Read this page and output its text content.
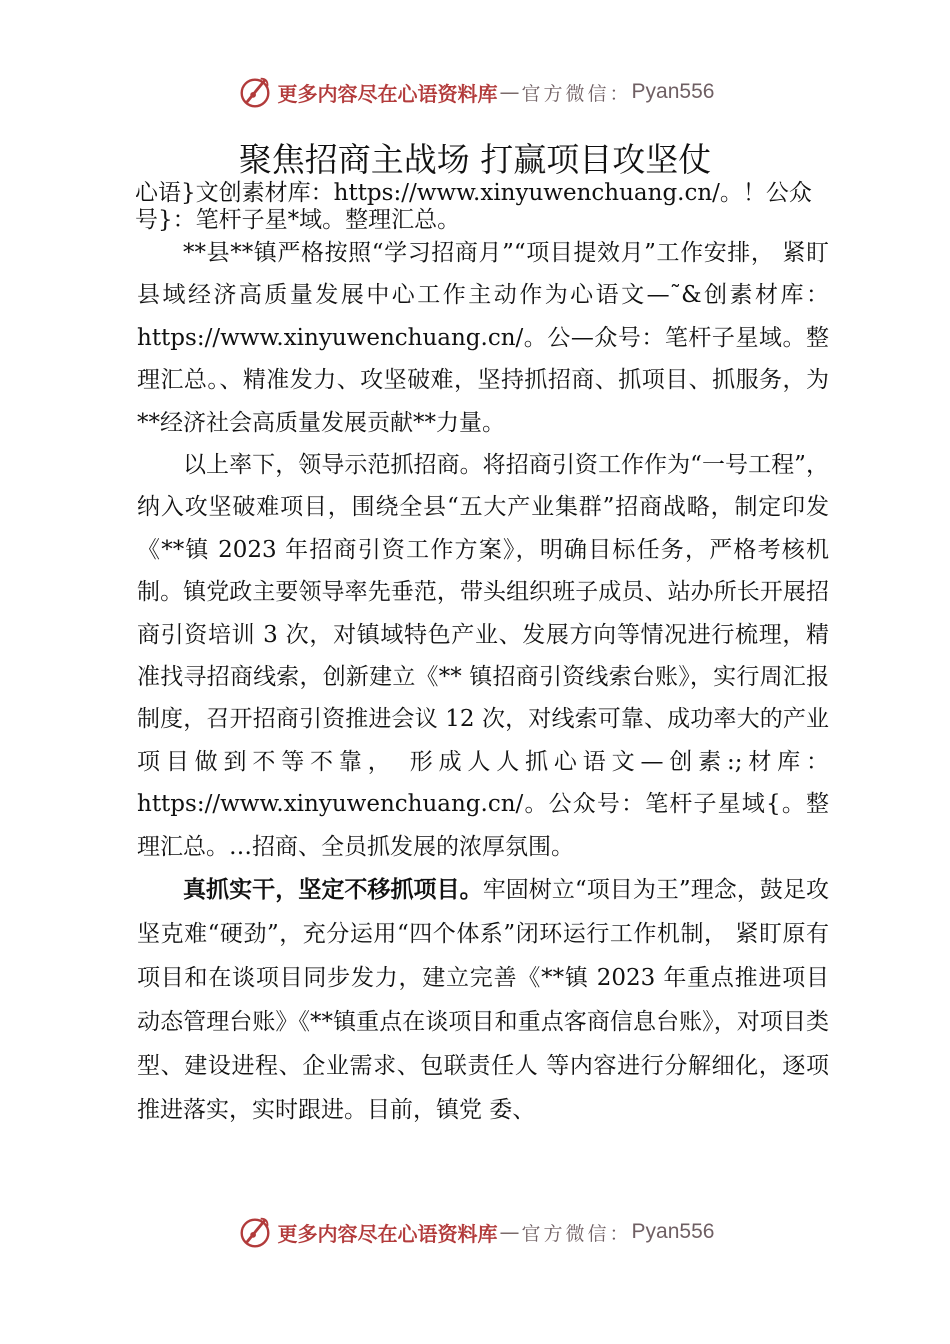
更多内容尽在心语资料库 — 官方微信： Pyan556
聚焦招商主战场 打赢项目攻坚仗
心语}文创素材库：https://www.xinyuwenchuang.cn/。！公众号}：笔杆子星*域。整理汇总。

**县**镇严格按照“学习招商月”“项目提效月”工作安排， 紧盯县域经济高质量发展中心工作主动作为心语文—˜&创素材库：https://www.xinyuwenchuang.cn/。公—众号：笔杆子星域。整理汇总。、精准发力、攻坚破难，坚持抓招商、抓项目、抓服务，为**经济社会高质量发展贡献**力量。

以上率下，领导示范抓招商。将招商引资工作作为“一号工程”，纳入攻坚破难项目，围绕全县“五大产业集群”招商战略，制定印发《**镇 2023 年招商引资工作方案》，明确目标任务，严格考核机制。镇党政主要领导率先垂范，带头组织班子成员、站办所长开展招商引资培训 3 次，对镇域特色产业、发展方向等情况进行梳理，精准找寻招商线索，创新建立《** 镇招商引资线索台账》，实行周汇报制度，召开招商引资推进会议 12 次，对线索可靠、成功率大的产业项目做到不等不靠， 形成人人抓心语文—创素:;材库：https://www.xinyuwenchuang.cn/。公众号：笔杆子星域{。整理汇总。…招商、全员抓发展的浓厚氛围。

真抓实干，坚定不移抓项目。牢固树立“项目为王”理念，鼓足攻坚克难“硬劲”，充分运用“四个体系”闭环运行工作机制， 紧盯原有项目和在谈项目同步发力，建立完善《**镇 2023 年重点推进项目动态管理台账》《**镇重点在谈项目和重点客商信息台账》，对项目类型、建设进程、企业需求、包联责任人 等内容进行分解细化，逐项推进落实，实时跟进。目前，镇党 委、

更多内容尽在心语资料库 — 官方微信： Pyan556
